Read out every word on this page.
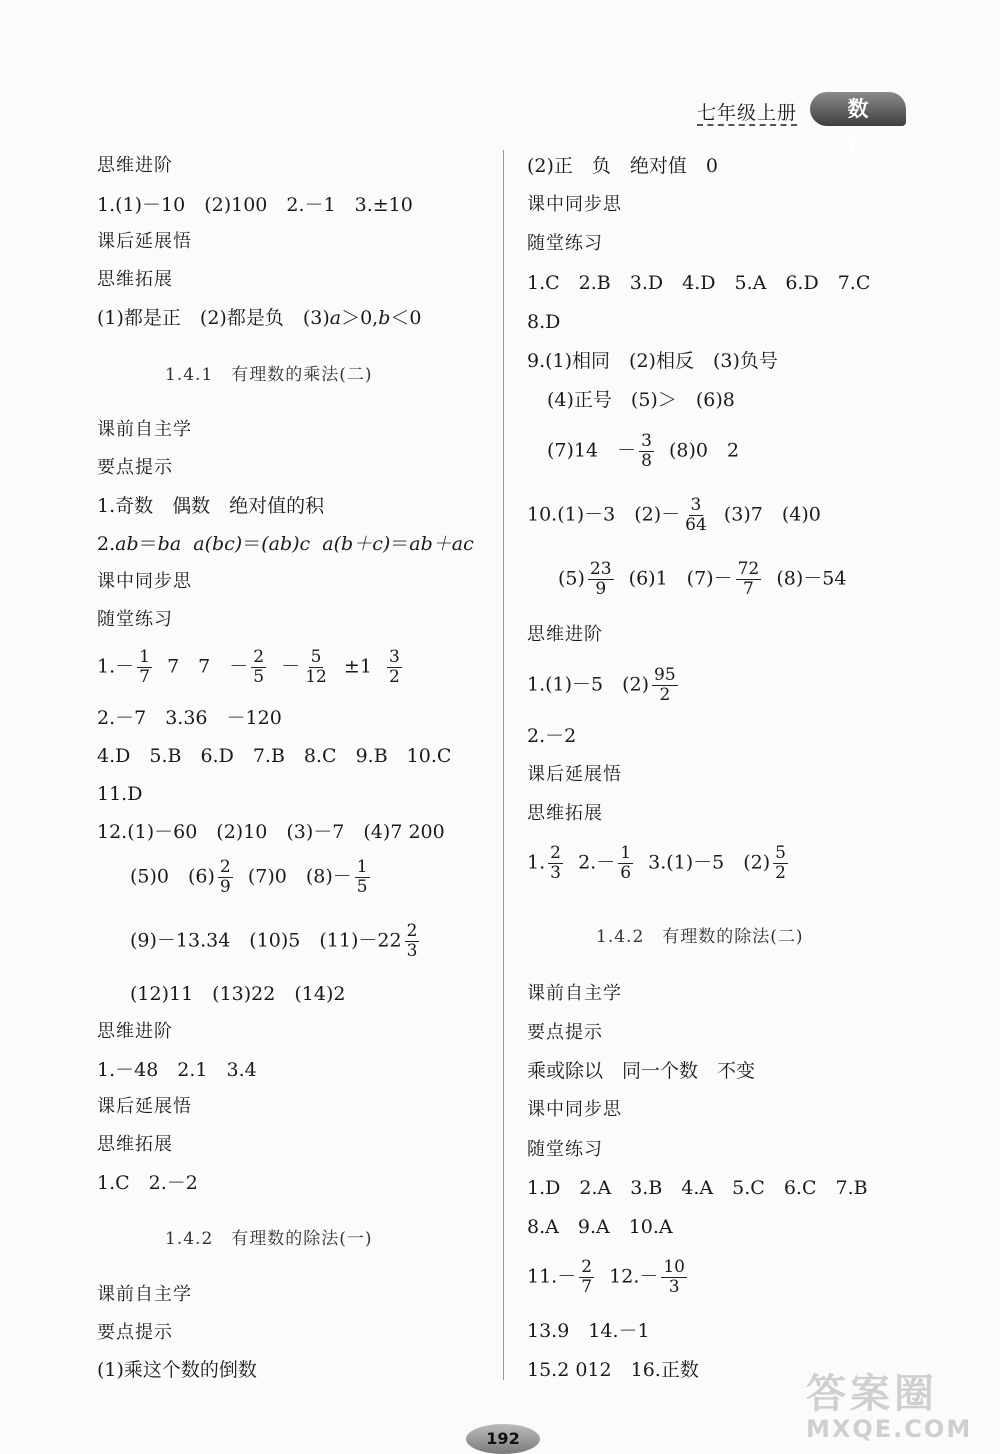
七年级上册	数 学
思维进阶
1.(1)－10　(2)100　2.－1　3.±10
课后延展悟
思维拓展
(1)都是正　(2)都是负　(3)a＞0,b＜0
1.4.1　有理数的乘法(二)
课前自主学
要点提示
1.奇数　偶数　绝对值的积
2.ab＝ba a(bc)＝(ab)c a(b＋c)＝ab＋ac
课中同步思
随堂练习
$1.- \frac{1}{7} 7$　7　－ $\frac{2}{5} - \frac{5}{12} \pm 1 \frac{3}{2}$
2.－7　3.36　－120
4.D　5.B　6.D　7.B　8.C　9.B　10.C
11.D
12.(1)－60　(2)10　(3)－7　(4)7 200
(5)0　$(6) \frac{2}{9} (7)0$　$(8)- \frac{1}{5}$
(9)－13.34　(10)5　$(11)-22 \frac{2}{3}$
(12)11　(13)22　(14)2
思维进阶
1.－48　2.1　3.4
课后延展悟
思维拓展
1.C　2.－2
1.4.2　有理数的除法(一)
课前自主学
要点提示
(1)乘这个数的倒数
(2)正　负　绝对值　0
课中同步思
随堂练习
1.C　2.B　3.D　4.D　5.A　6.D　7.C
8.D
9.(1)相同　(2)相反　(3)负号
(4)正号　(5)＞　(6)8
(7)14　－ $\frac{3}{8} (8)0$　2
10.(1)－3　$(2)- \frac{3}{64} (3)7$　(4)0
$(5) \frac{23}{9} (6)1$　$(7)- \frac{72}{7} (8)-54$
思维进阶
1.(1)－5　$(2) \frac{95}{2}$
2.－2
课后延展悟
思维拓展
1. $\frac{2}{3} 2.- \frac{1}{6} 3.(1)-5$　$(2) \frac{5}{2}$
1.4.2　有理数的除法(二)
课前自主学
要点提示
乘或除以　同一个数　不变
课中同步思
随堂练习
1.D　2.A　3.B　4.A　5.C　6.C　7.B
8.A　9.A　10.A
$11.- \frac{2}{7} 12.- \frac{10}{3}$
13.9　14.－1
15.2 012　16.正数
192
答案圈
MXQE.COM
